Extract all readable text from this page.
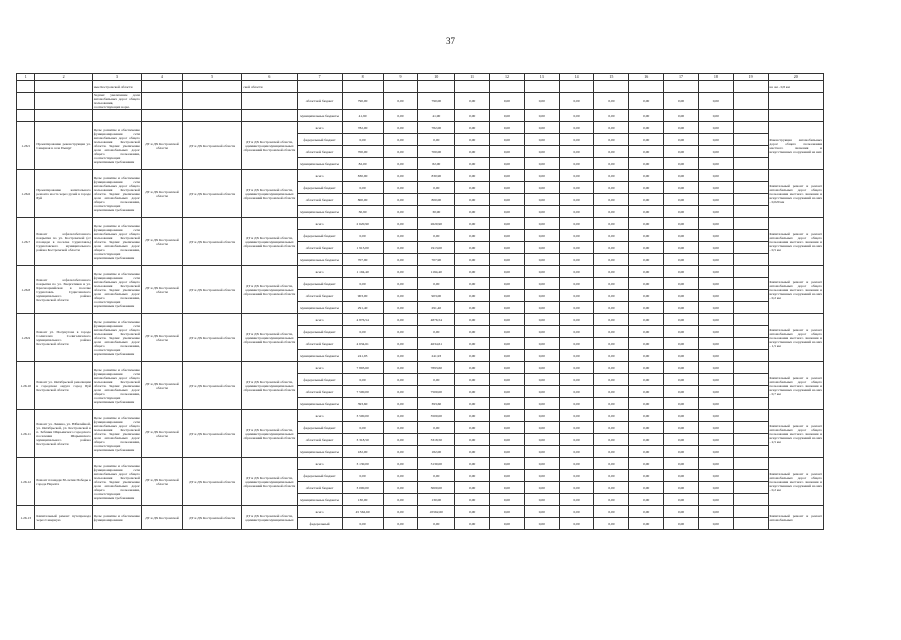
37
1	2	3	4	5	6	7	8	9	10	11	12	13	14	15	16	17	18	19	20
		ные Костромской области			ской области														на ом - 0,8 км
		Задачи: увеличение доли автомобильных дорог общего пользования, соответствующих норм.				областной бюджет	790,00	0,00	790,00	0,00	0,00	0,00	0,00	0,00	0,00	0,00	0,00		
						муниципальные бюджеты	41,90	0,00	41,90	0,00	0,00	0,00	0,00	0,00	0,00	0,00	0,00		
1.26.5	Проектирование реконструкции ул. Северная в селе Пыщуг	Цель: развитие и обеспечение функционирования сети автомобильных дорог общего пользования Костромской области. Задачи: увеличение доли автомобильных дорог общего пользования, соответствующих нормативным требованиям	ДТ и ДХ Костромской области	ДТ и ДХ Костромской области	ДТ и ДХ Костромской области, администрации муниципальных образований Костромской области	всего	782,00	0,00	782,00	0,00	0,00	0,00	0,00	0,00	0,00	0,00	0,00		Реконструкция автомобильных дорог общего пользования местного значения и искусственных сооружений на них
						федеральный бюджет	0,00	0,00	0,00	0,00	0,00	0,00	0,00	0,00	0,00	0,00	0,00		
						областной бюджет	700,00	0,00	700,00	0,00	0,00	0,00	0,00	0,00	0,00	0,00	0,00		
						муниципальные бюджеты	82,00	0,00	82,00	0,00	0,00	0,00	0,00	0,00	0,00	0,00	0,00		
1.26.6	Проектирование капитального ремонта моста через ручей в городе Буй	Цель: развитие и обеспечение функционирования сети автомобильных дорог общего пользования Костромской области. Задачи: увеличение доли автомобильных дорог общего пользования, соответствующих нормативным требованиям	ДТ и ДХ Костромской области	ДТ и ДХ Костромской области	ДТ и ДХ Костромской области, администрации муниципальных образований Костромской области	всего	830,90	0,00	830,90	0,00	0,00	0,00	0,00	0,00	0,00	0,00	0,00		Капитальный ремонт и ремонт автомобильных дорог общего пользования местного значения и искусственных сооружений на них - 0,020 км
						федеральный бюджет	0,00	0,00	0,00	0,00	0,00	0,00	0,00	0,00	0,00	0,00	0,00		
						областной бюджет	800,00	0,00	800,00	0,00	0,00	0,00	0,00	0,00	0,00	0,00	0,00		
						муниципальные бюджеты	30,90	0,00	30,90	0,00	0,00	0,00	0,00	0,00	0,00	0,00	0,00		
1.26.7	Ремонт асфальтобетонного покрытия по ул. Костромской (от площади в поселке Судиславль) Судиславского муниципального района Костромской области	Цель: развитие и обеспечение функционирования сети автомобильных дорог общего пользования Костромской области. Задачи: увеличение доли автомобильных дорог общего пользования, соответствующих нормативным требованиям	ДТ и ДХ Костромской области	ДТ и ДХ Костромской области	ДТ и ДХ Костромской области, администрации муниципальных образований Костромской области	всего	2 620,90	0,00	2620,90	0,00	0,00	0,00	0,00	0,00	0,00	0,00	0,00		Капитальный ремонт и ремонт автомобильных дорог общего пользования местного значения и искусственных сооружений на них - 0,5 км
						федеральный бюджет	0,00	0,00	0,00	0,00	0,00	0,00	0,00	0,00	0,00	0,00	0,00		
						областной бюджет	1 913,00	0,00	1913,00	0,00	0,00	0,00	0,00	0,00	0,00	0,00	0,00		
						муниципальные бюджеты	707,90	0,00	707,90	0,00	0,00	0,00	0,00	0,00	0,00	0,00	0,00		
1.26.8	Ремонт асфальтобетонного покрытия по ул. Энергетиков и ул. Красноармейская в поселке Судиславль Судиславского муниципального района Костромской области	Цель: развитие и обеспечение функционирования сети автомобильных дорог общего пользования Костромской области. Задачи: увеличение доли автомобильных дорог общего пользования, соответствующих нормативным требованиям	ДТ и ДХ Костромской области	ДТ и ДХ Костромской области	ДТ и ДХ Костромской области, администрации муниципальных образований Костромской области	всего	1 194,40	0,00	1194,40	0,00	0,00	0,00	0,00	0,00	0,00	0,00	0,00		Капитальный ремонт и ремонт автомобильных дорог общего пользования местного значения и искусственных сооружений на них - 0,2 км
						федеральный бюджет	0,00	0,00	0,00	0,00	0,00	0,00	0,00	0,00	0,00	0,00	0,00		
						областной бюджет	903,00	0,00	903,00	0,00	0,00	0,00	0,00	0,00	0,00	0,00	0,00		
						муниципальные бюджеты	291,40	0,00	291,40	0,00	0,00	0,00	0,00	0,00	0,00	0,00	0,00		
1.26.9	Ремонт ул. Полунутова в городе Солигалич Солигаличского муниципального района Костромской области	Цель: развитие и обеспечение функционирования сети автомобильных дорог общего пользования Костромской области. Задачи: увеличение доли автомобильных дорог общего пользования, соответствующих нормативным требованиям	ДТ и ДХ Костромской области	ДТ и ДХ Костромской области	ДТ и ДХ Костромской области, администрации муниципальных образований Костромской области	всего	4 876,54	0,00	4876,54	0,00	0,00	0,00	0,00	0,00	0,00	0,00	0,00		Капитальный ремонт и ремонт автомобильных дорог общего пользования местного значения и искусственных сооружений на них - 1,5 км
						федеральный бюджет	0,00	0,00	0,00	0,00	0,00	0,00	0,00	0,00	0,00	0,00	0,00		
						областной бюджет	4 634,61	0,00	4634,61	0,00	0,00	0,00	0,00	0,00	0,00	0,00	0,00		
						муниципальные бюджеты	241,93	0,00	241,93	0,00	0,00	0,00	0,00	0,00	0,00	0,00	0,00		
1.26.10	Ремонт ул. Октябрьской революции в городском округе город Буй Костромской области	Цель: развитие и обеспечение функционирования сети автомобильных дорог общего пользования Костромской области. Задачи: увеличение доли автомобильных дорог общего пользования, соответствующих нормативным требованиям	ДТ и ДХ Костромской области	ДТ и ДХ Костромской области	ДТ и ДХ Костромской области, администрации муниципальных образований Костромской области	всего	7 893,60	0,00	7893,60	0,00	0,00	0,00	0,00	0,00	0,00	0,00	0,00		Капитальный ремонт и ремонт автомобильных дорог общего пользования местного значения и искусственных сооружений на них - 0,7 км
						федеральный бюджет	0,00	0,00	0,00	0,00	0,00	0,00	0,00	0,00	0,00	0,00	0,00		
						областной бюджет	7 500,00	0,00	7500,00	0,00	0,00	0,00	0,00	0,00	0,00	0,00	0,00		
						муниципальные бюджеты	393,60	0,00	393,60	0,00	0,00	0,00	0,00	0,00	0,00	0,00	0,00		
1.26.11	Ремонт ул. Ленина, ул. Юбилейной, ул. Октябрьской, ул. Костромской в п. Зебляки Шарьинского городского поселения Шарьинского муниципального района Костромской области	Цель: развитие и обеспечение функционирования сети автомобильных дорог общего пользования Костромской области. Задачи: увеличение доли автомобильных дорог общего пользования, соответствующих нормативным требованиям	ДТ и ДХ Костромской области	ДТ и ДХ Костромской области	ДТ и ДХ Костромской области, администрации муниципальных образований Костромской области	всего	3 500,00	0,00	3500,00	0,00	0,00	0,00	0,00	0,00	0,00	0,00	0,00		Капитальный ремонт и ремонт автомобильных дорог общего пользования местного значения и искусственных сооружений на них - 2,5 км
						федеральный бюджет	0,00	0,00	0,00	0,00	0,00	0,00	0,00	0,00	0,00	0,00	0,00		
						областной бюджет	3 318,50	0,00	3318,50	0,00	0,00	0,00	0,00	0,00	0,00	0,00	0,00		
						муниципальные бюджеты	182,00	0,00	182,00	0,00	0,00	0,00	0,00	0,00	0,00	0,00	0,00		
1.26.12	Ремонт площади 30-летия Победы в городе Нерехте	Цель: развитие и обеспечение функционирования сети автомобильных дорог общего пользования Костромской области. Задачи: увеличение доли автомобильных дорог общего пользования, соответствующих нормативным требованиям	ДТ и ДХ Костромской области	ДТ и ДХ Костромской области	ДТ и ДХ Костромской области, администрации муниципальных образований Костромской области	всего	3 130,00	0,00	3130,00	0,00	0,00	0,00	0,00	0,00	0,00	0,00	0,00		Капитальный ремонт и ремонт автомобильных дорог общего пользования местного значения и искусственных сооружений на них - 0,2 км
						федеральный бюджет	0,00	0,00	0,00	0,00	0,00	0,00	0,00	0,00	0,00	0,00	0,00		
						областной бюджет	3 000,00	0,00	3000,00	0,00	0,00	0,00	0,00	0,00	0,00	0,00	0,00		
						муниципальные бюджеты	130,00	0,00	130,00	0,00	0,00	0,00	0,00	0,00	0,00	0,00	0,00		
1.26.13	Капитальный ремонт путепровода через Северную	Цель: развитие и обеспечение функционирования	ДТ и ДХ Костромской	ДТ и ДХ Костромской области	ДТ и ДХ Костромской области, администрации муниципальных	всего	45 562,60	0,00	45562,60	0,00	0,00	0,00	0,00	0,00	0,00	0,00	0,00		Капитальный ремонт и ремонт автомобильных
						федеральный	0,00	0,00	0,00	0,00	0,00	0,00	0,00	0,00	0,00	0,00	0,00		
